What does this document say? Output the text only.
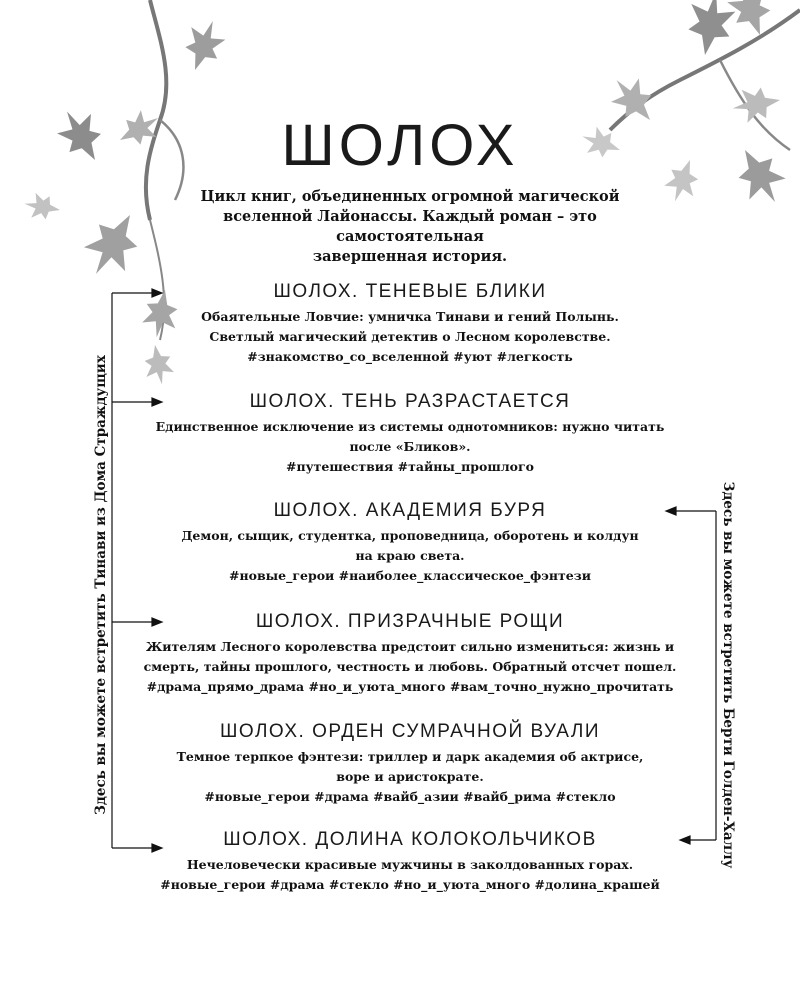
ШОЛОХ
Цикл книг, объединенных огромной магической
вселенной Лайонассы. Каждый роман – это самостоятельная
завершенная история.
ШОЛОХ. ТЕНЕВЫЕ БЛИКИ
Обаятельные Ловчие: умничка Тинави и гений Полынь.
Светлый магический детектив о Лесном королевстве.
#знакомство_со_вселенной #уют #легкость
ШОЛОХ. ТЕНЬ РАЗРАСТАЕТСЯ
Единственное исключение из системы однотомников: нужно читать
после «Бликов».
#путешествия #тайны_прошлого
ШОЛОХ. АКАДЕМИЯ БУРЯ
Демон, сыщик, студентка, проповедница, оборотень и колдун
на краю света.
#новые_герои #наиболее_классическое_фэнтези
ШОЛОХ. ПРИЗРАЧНЫЕ РОЩИ
Жителям Лесного королевства предстоит сильно измениться: жизнь и
смерть, тайны прошлого, честность и любовь. Обратный отсчет пошел.
#драма_прямо_драма #но_и_уюта_много #вам_точно_нужно_прочитать
ШОЛОХ. ОРДЕН СУМРАЧНОЙ ВУАЛИ
Темное терпкое фэнтези: триллер и дарк академия об актрисе,
воре и аристократе.
#новые_герои #драма #вайб_азии #вайб_рима #стекло
ШОЛОХ. ДОЛИНА КОЛОКОЛЬЧИКОВ
Нечеловечески красивые мужчины в заколдованных горах.
#новые_герои #драма #стекло #но_и_уюта_много #долина_крашей
Здесь вы можете встретить Тинави из Дома Страждущих	Здесь вы можете встретить Берти Голден-Халлу
